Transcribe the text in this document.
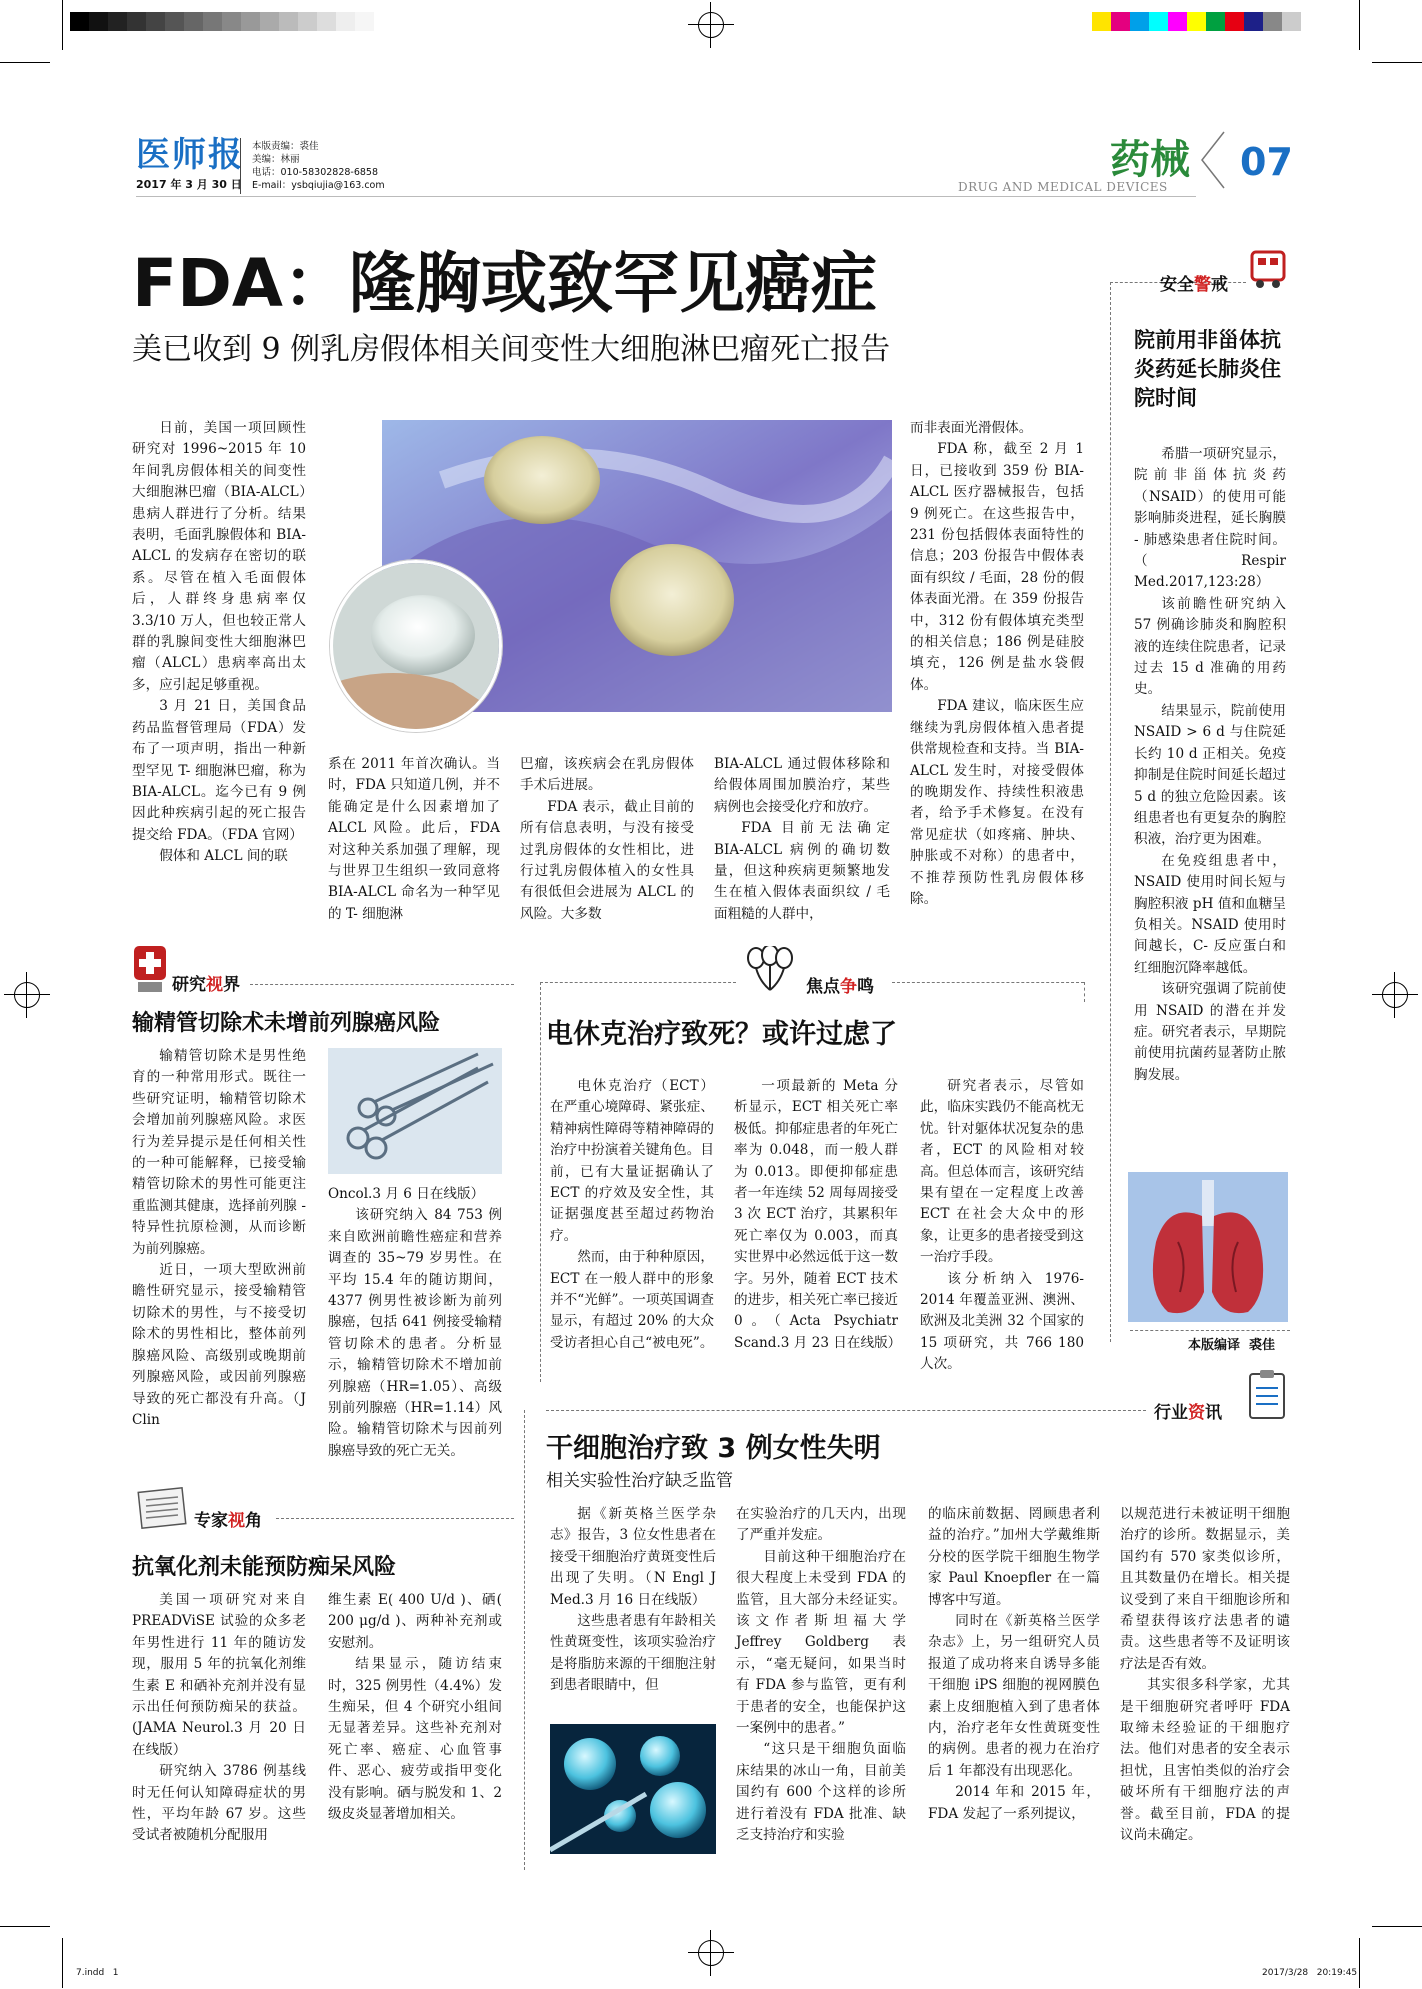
医师报
2017 年 3 月 30 日
本版责编：裘佳
美编：林丽
电话：010-58302828-6858
E-mail：ysbqiujia@163.com
药械 07
DRUG AND MEDICAL DEVICES
FDA：隆胸或致罕见癌症
美已收到 9 例乳房假体相关间变性大细胞淋巴瘤死亡报告

日前，美国一项回顾性研究对 1996~2015 年 10 年间乳房假体相关的间变性大细胞淋巴瘤（BIA-ALCL）患病人群进行了分析。结果表明，毛面乳腺假体和 BIA-ALCL 的发病存在密切的联系。尽管在植入毛面假体后，人群终身患病率仅 3.3/10 万人，但也较正常人群的乳腺间变性大细胞淋巴瘤（ALCL）患病率高出太多，应引起足够重视。

3 月 21 日，美国食品药品监督管理局（FDA）发布了一项声明，指出一种新型罕见 T- 细胞淋巴瘤，称为 BIA-ALCL。迄今已有 9 例因此种疾病引起的死亡报告提交给 FDA。（FDA 官网）

假体和 ALCL 间的联

系在 2011 年首次确认。当时，FDA 只知道几例，并不能确定是什么因素增加了 ALCL 风险。此后，FDA 对这种关系加强了理解，现与世界卫生组织一致同意将 BIA-ALCL 命名为一种罕见的 T- 细胞淋

巴瘤，该疾病会在乳房假体手术后进展。

FDA 表示，截止目前的所有信息表明，与没有接受过乳房假体的女性相比，进行过乳房假体植入的女性具有很低但会进展为 ALCL 的风险。大多数

BIA-ALCL 通过假体移除和给假体周围加膜治疗，某些病例也会接受化疗和放疗。

FDA 目前无法确定 BIA-ALCL 病例的确切数量，但这种疾病更频繁地发生在植入假体表面织纹 / 毛面粗糙的人群中，

而非表面光滑假体。

FDA 称，截至 2 月 1 日，已接收到 359 份 BIA-ALCL 医疗器械报告，包括 9 例死亡。在这些报告中，231 份包括假体表面特性的信息；203 份报告中假体表面有织纹 / 毛面，28 份的假体表面光滑。在 359 份报告中，312 份有假体填充类型的相关信息；186 例是硅胶填充，126 例是盐水袋假体。

FDA 建议，临床医生应继续为乳房假体植入患者提供常规检查和支持。当 BIA-ALCL 发生时，对接受假体的晚期发作、持续性积液患者，给予手术修复。在没有常见症状（如疼痛、肿块、肿胀或不对称）的患者中，不推荐预防性乳房假体移除。

安全警戒
院前用非甾体抗炎药延长肺炎住院时间

希腊一项研究显示，院前非甾体抗炎药（NSAID）的使用可能影响肺炎进程，延长胸膜 - 肺感染患者住院时间。（Respir Med.2017,123:28）

该前瞻性研究纳入 57 例确诊肺炎和胸腔积液的连续住院患者，记录过去 15 d 准确的用药史。

结果显示，院前使用 NSAID > 6 d 与住院延长约 10 d 正相关。免疫抑制是住院时间延长超过 5 d 的独立危险因素。该组患者也有更复杂的胸腔积液，治疗更为困难。

在免疫组患者中，NSAID 使用时间长短与胸腔积液 pH 值和血糖呈负相关。NSAID 使用时间越长，C- 反应蛋白和红细胞沉降率越低。

该研究强调了院前使用 NSAID 的潜在并发症。研究者表示，早期院前使用抗菌药显著防止脓胸发展。

本版编译  裘佳
研究视界
输精管切除术未增前列腺癌风险

输精管切除术是男性绝育的一种常用形式。既往一些研究证明，输精管切除术会增加前列腺癌风险。求医行为差异提示是任何相关性的一种可能解释，已接受输精管切除术的男性可能更注重监测其健康，选择前列腺 - 特异性抗原检测，从而诊断为前列腺癌。

近日，一项大型欧洲前瞻性研究显示，接受输精管切除术的男性，与不接受切除术的男性相比，整体前列腺癌风险、高级别或晚期前列腺癌风险，或因前列腺癌导致的死亡都没有升高。（J Clin

Oncol.3 月 6 日在线版）

该研究纳入 84 753 例来自欧洲前瞻性癌症和营养调查的 35~79 岁男性。在平均 15.4 年的随访期间，4377 例男性被诊断为前列腺癌，包括 641 例接受输精管切除术的患者。分析显示，输精管切除术不增加前列腺癌（HR=1.05）、高级别前列腺癌（HR=1.14）风险。输精管切除术与因前列腺癌导致的死亡无关。

焦点争鸣
电休克治疗致死？或许过虑了

电休克治疗（ECT）在严重心境障碍、紧张症、精神病性障碍等精神障碍的治疗中扮演着关键角色。目前，已有大量证据确认了 ECT 的疗效及安全性，其证据强度甚至超过药物治疗。

然而，由于种种原因，ECT 在一般人群中的形象并不“光鲜”。一项英国调查显示，有超过 20% 的大众受访者担心自己“被电死”。

一项最新的 Meta 分析显示，ECT 相关死亡率极低。抑郁症患者的年死亡率为 0.048，而一般人群为 0.013。即便抑郁症患者一年连续 52 周每周接受 3 次 ECT 治疗，其累积年死亡率仅为 0.003，而真实世界中必然远低于这一数字。另外，随着 ECT 技术的进步，相关死亡率已接近 0。（Acta Psychiatr Scand.3 月 23 日在线版）

研究者表示，尽管如此，临床实践仍不能高枕无忧。针对躯体状况复杂的患者，ECT 的风险相对较高。但总体而言，该研究结果有望在一定程度上改善 ECT 在社会大众中的形象，让更多的患者接受到这一治疗手段。

该分析纳入 1976-2014 年覆盖亚洲、澳洲、欧洲及北美洲 32 个国家的 15 项研究，共 766 180 人次。

专家视角
抗氧化剂未能预防痴呆风险

美国一项研究对来自 PREADViSE 试验的众多老年男性进行 11 年的随访发现，服用 5 年的抗氧化剂维生素 E 和硒补充剂并没有显示出任何预防痴呆的获益。(JAMA Neurol.3 月 20 日在线版）

研究纳入 3786 例基线时无任何认知障碍症状的男性，平均年龄 67 岁。这些受试者被随机分配服用

维生素 E( 400 U/d )、硒( 200 μg/d )、两种补充剂或安慰剂。

结果显示，随访结束时，325 例男性（4.4%）发生痴呆，但 4 个研究小组间无显著差异。这些补充剂对死亡率、癌症、心血管事件、恶心、疲劳或指甲变化没有影响。硒与脱发和 1、2 级皮炎显著增加相关。

行业资讯
干细胞治疗致 3 例女性失明
相关实验性治疗缺乏监管

据《新英格兰医学杂志》报告，3 位女性患者在接受干细胞治疗黄斑变性后出现了失明。（N Engl J Med.3 月 16 日在线版）

这些患者患有年龄相关性黄斑变性，该项实验治疗是将脂肪来源的干细胞注射到患者眼睛中，但

在实验治疗的几天内，出现了严重并发症。

目前这种干细胞治疗在很大程度上未受到 FDA 的监管，且大部分未经证实。该文作者斯坦福大学 Jeffrey Goldberg 表示，“毫无疑问，如果当时有 FDA 参与监管，更有利于患者的安全，也能保护这一案例中的患者。”

“这只是干细胞负面临床结果的冰山一角，目前美国约有 600 个这样的诊所进行着没有 FDA 批准、缺乏支持治疗和实验

的临床前数据、罔顾患者利益的治疗。”加州大学戴维斯分校的医学院干细胞生物学家 Paul Knoepfler 在一篇博客中写道。

同时在《新英格兰医学杂志》上，另一组研究人员报道了成功将来自诱导多能干细胞 iPS 细胞的视网膜色素上皮细胞植入到了患者体内，治疗老年女性黄斑变性的病例。患者的视力在治疗后 1 年都没有出现恶化。

2014 年和 2015 年，FDA 发起了一系列提议，

以规范进行未被证明干细胞治疗的诊所。数据显示，美国约有 570 家类似诊所，且其数量仍在增长。相关提议受到了来自干细胞诊所和希望获得该疗法患者的谴责。这些患者等不及证明该疗法是否有效。

其实很多科学家，尤其是干细胞研究者呼吁 FDA 取缔未经验证的干细胞疗法。他们对患者的安全表示担忧，且害怕类似的治疗会破坏所有干细胞疗法的声誉。截至目前，FDA 的提议尚未确定。

7.indd   1	2017/3/28   20:19:45
